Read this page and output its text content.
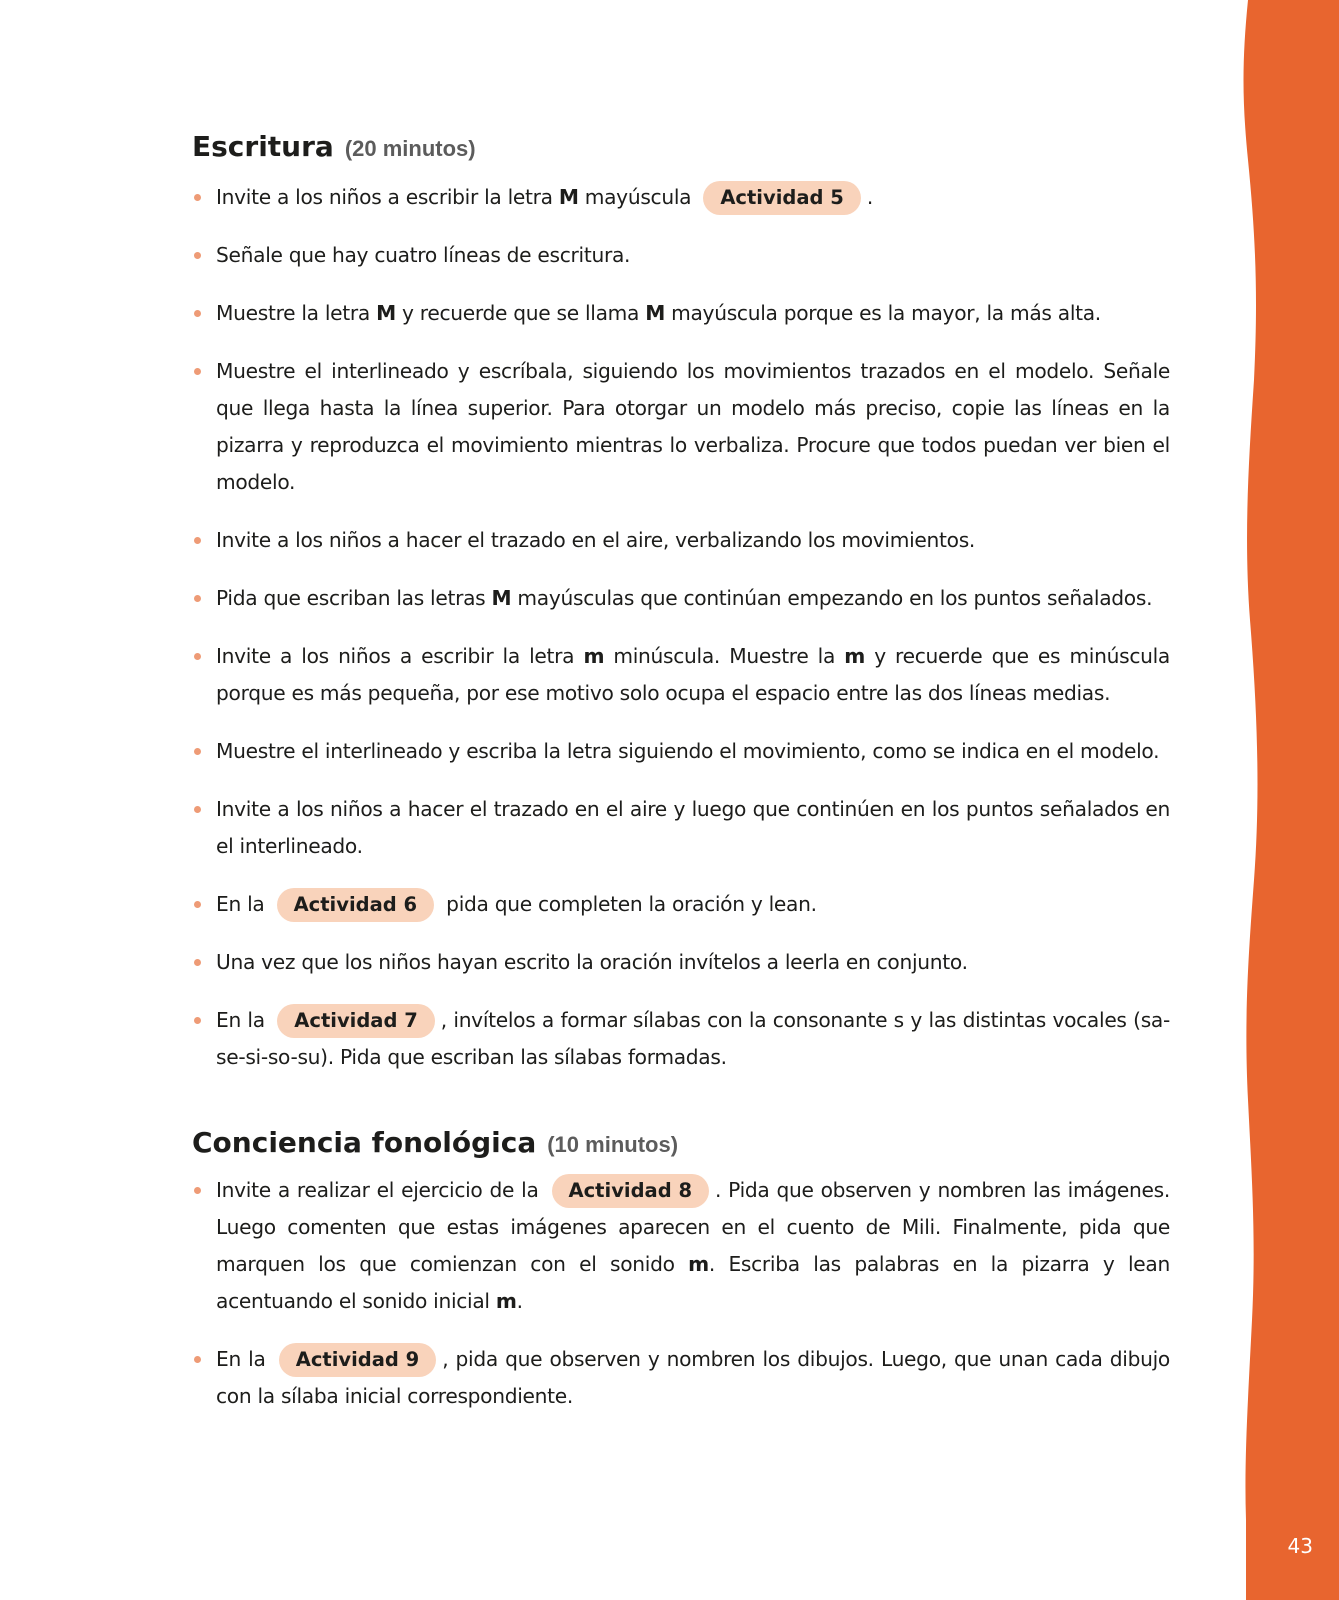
43
Escritura (20 minutos)
Invite a los niños a escribir la letra M mayúscula Actividad 5 .
Señale que hay cuatro líneas de escritura.
Muestre la letra M y recuerde que se llama M mayúscula porque es la mayor, la más alta.
Muestre el interlineado y escríbala, siguiendo los movimientos trazados en el modelo. Señale que llega hasta la línea superior. Para otorgar un modelo más preciso, copie las líneas en la pizarra y reproduzca el movimiento mientras lo verbaliza. Procure que todos puedan ver bien el modelo.
Invite a los niños a hacer el trazado en el aire, verbalizando los movimientos.
Pida que escriban las letras M mayúsculas que continúan empezando en los puntos señalados.
Invite a los niños a escribir la letra m minúscula. Muestre la m y recuerde que es minúscula porque es más pequeña, por ese motivo solo ocupa el espacio entre las dos líneas medias.
Muestre el interlineado y escriba la letra siguiendo el movimiento, como se indica en el modelo.
Invite a los niños a hacer el trazado en el aire y luego que continúen en los puntos señalados en el interlineado.
En la Actividad 6 pida que completen la oración y lean.
Una vez que los niños hayan escrito la oración invítelos a leerla en conjunto.
En la Actividad 7 , invítelos a formar sílabas con la consonante s y las distintas vocales (sa-se-si-so-su). Pida que escriban las sílabas formadas.
Conciencia fonológica (10 minutos)
Invite a realizar el ejercicio de la Actividad 8 . Pida que observen y nombren las imágenes. Luego comenten que estas imágenes aparecen en el cuento de Mili. Finalmente, pida que marquen los que comienzan con el sonido m. Escriba las palabras en la pizarra y lean acentuando el sonido inicial m.
En la Actividad 9 , pida que observen y nombren los dibujos. Luego, que unan cada dibujo con la sílaba inicial correspondiente.
